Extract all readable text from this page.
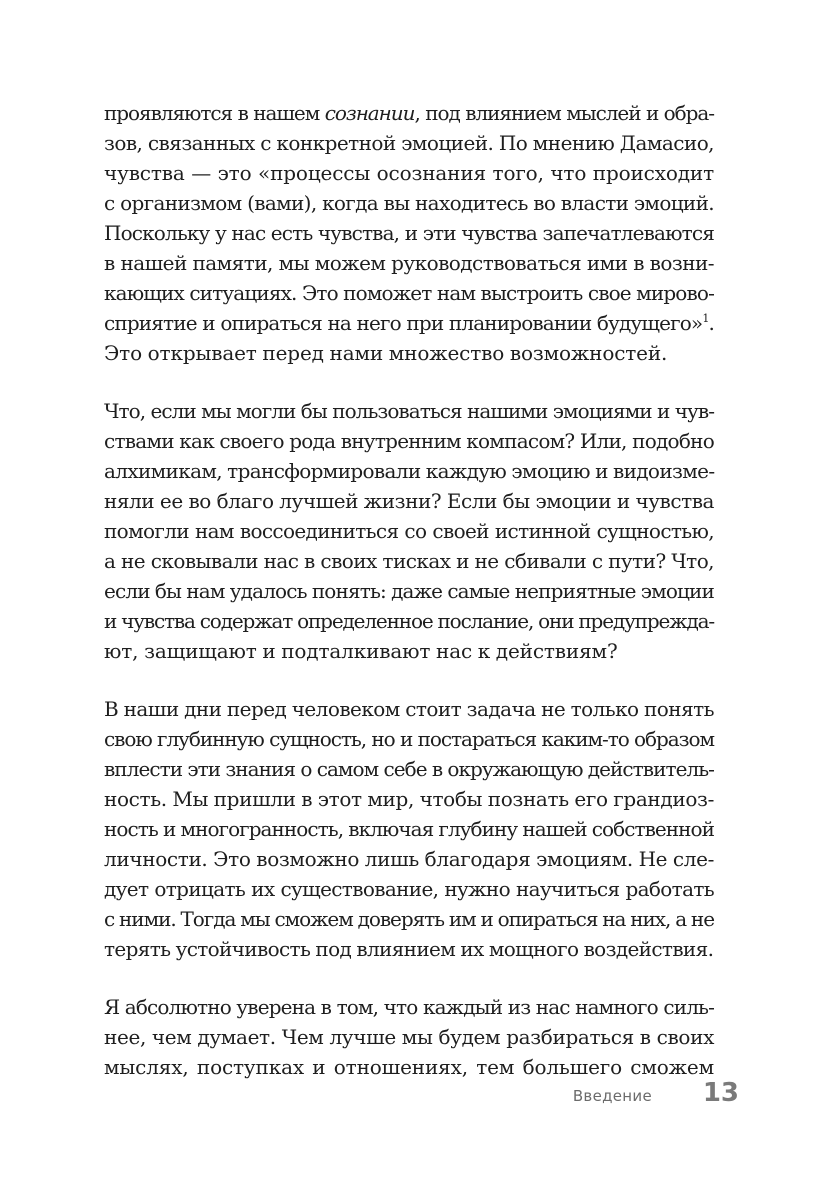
проявляются в нашем сознании, под влиянием мыслей и обра-
зов, связанных с конкретной эмоцией. По мнению Дамасио,
чувства — это «процессы осознания того, что происходит
с организмом (вами), когда вы находитесь во власти эмоций.
Поскольку у нас есть чувства, и эти чувства запечатлеваются
в нашей памяти, мы можем руководствоваться ими в возни-
кающих ситуациях. Это поможет нам выстроить свое мирово-
сприятие и опираться на него при планировании будущего»$^1$.
Это открывает перед нами множество возможностей.
Что, если мы могли бы пользоваться нашими эмоциями и чув-
ствами как своего рода внутренним компасом? Или, подобно
алхимикам, трансформировали каждую эмоцию и видоизме-
няли ее во благо лучшей жизни? Если бы эмоции и чувства
помогли нам воссоединиться со своей истинной сущностью,
а не сковывали нас в своих тисках и не сбивали с пути? Что,
если бы нам удалось понять: даже самые неприятные эмоции
и чувства содержат определенное послание, они предупрежда-
ют, защищают и подталкивают нас к действиям?
В наши дни перед человеком стоит задача не только понять
свою глубинную сущность, но и постараться каким-то образом
вплести эти знания о самом себе в окружающую действитель-
ность. Мы пришли в этот мир, чтобы познать его грандиоз-
ность и многогранность, включая глубину нашей собственной
личности. Это возможно лишь благодаря эмоциям. Не сле-
дует отрицать их существование, нужно научиться работать
с ними. Тогда мы сможем доверять им и опираться на них, а не
терять устойчивость под влиянием их мощного воздействия.
Я абсолютно уверена в том, что каждый из нас намного силь-
нее, чем думает. Чем лучше мы будем разбираться в своих
мыслях, поступках и отношениях, тем большего сможем
Введение 13
